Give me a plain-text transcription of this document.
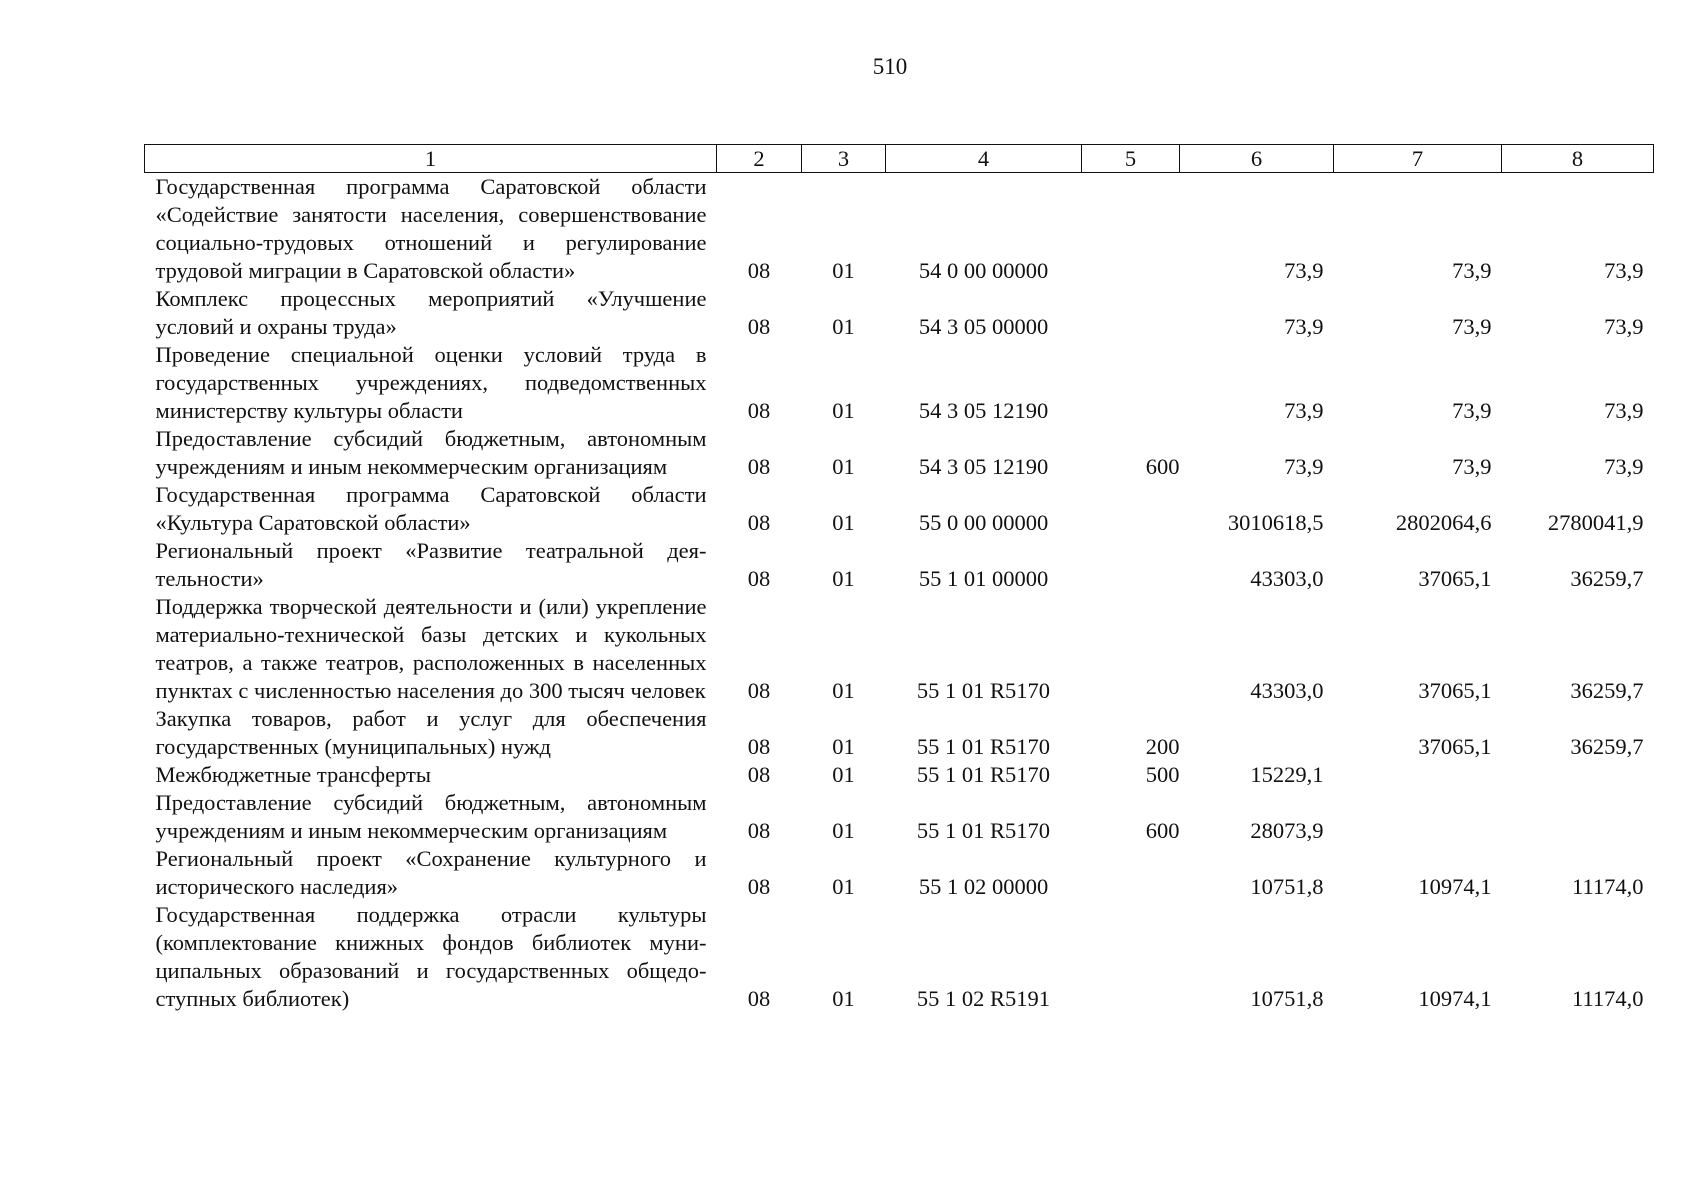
510
1	2	3	4	5	6	7	8
Государственная программа Саратовской области «Содействие занятости населения, совершенствование социально-трудовых отношений и регулирование трудовой миграции в Саратовской области»	08	01	54 0 00 00000		73,9	73,9	73,9
Комплекс процессных мероприятий «Улучшение условий и охраны труда»	08	01	54 3 05 00000		73,9	73,9	73,9
Проведение специальной оценки условий труда в государственных учреждениях, подведомственных министерству культуры области	08	01	54 3 05 12190		73,9	73,9	73,9
Предоставление субсидий бюджетным, автономным учреждениям и иным некоммерческим организациям	08	01	54 3 05 12190	600	73,9	73,9	73,9
Государственная программа Саратовской области «Культура Саратовской области»	08	01	55 0 00 00000		3010618,5	2802064,6	2780041,9
Региональный проект «Развитие театральной деятельности»	08	01	55 1 01 00000		43303,0	37065,1	36259,7
Поддержка творческой деятельности и (или) укрепление материально-технической базы детских и кукольных театров, а также театров, расположенных в населенных пунктах с численностью населения до 300 тысяч человек	08	01	55 1 01 R5170		43303,0	37065,1	36259,7
Закупка товаров, работ и услуг для обеспечения государственных (муниципальных) нужд	08	01	55 1 01 R5170	200		37065,1	36259,7
Межбюджетные трансферты	08	01	55 1 01 R5170	500	15229,1		
Предоставление субсидий бюджетным, автономным учреждениям и иным некоммерческим организациям	08	01	55 1 01 R5170	600	28073,9		
Региональный проект «Сохранение культурного и исторического наследия»	08	01	55 1 02 00000		10751,8	10974,1	11174,0
Государственная поддержка отрасли культуры (комплектование книжных фондов библиотек муниципальных образований и государственных общедоступных библиотек)	08	01	55 1 02 R5191		10751,8	10974,1	11174,0
